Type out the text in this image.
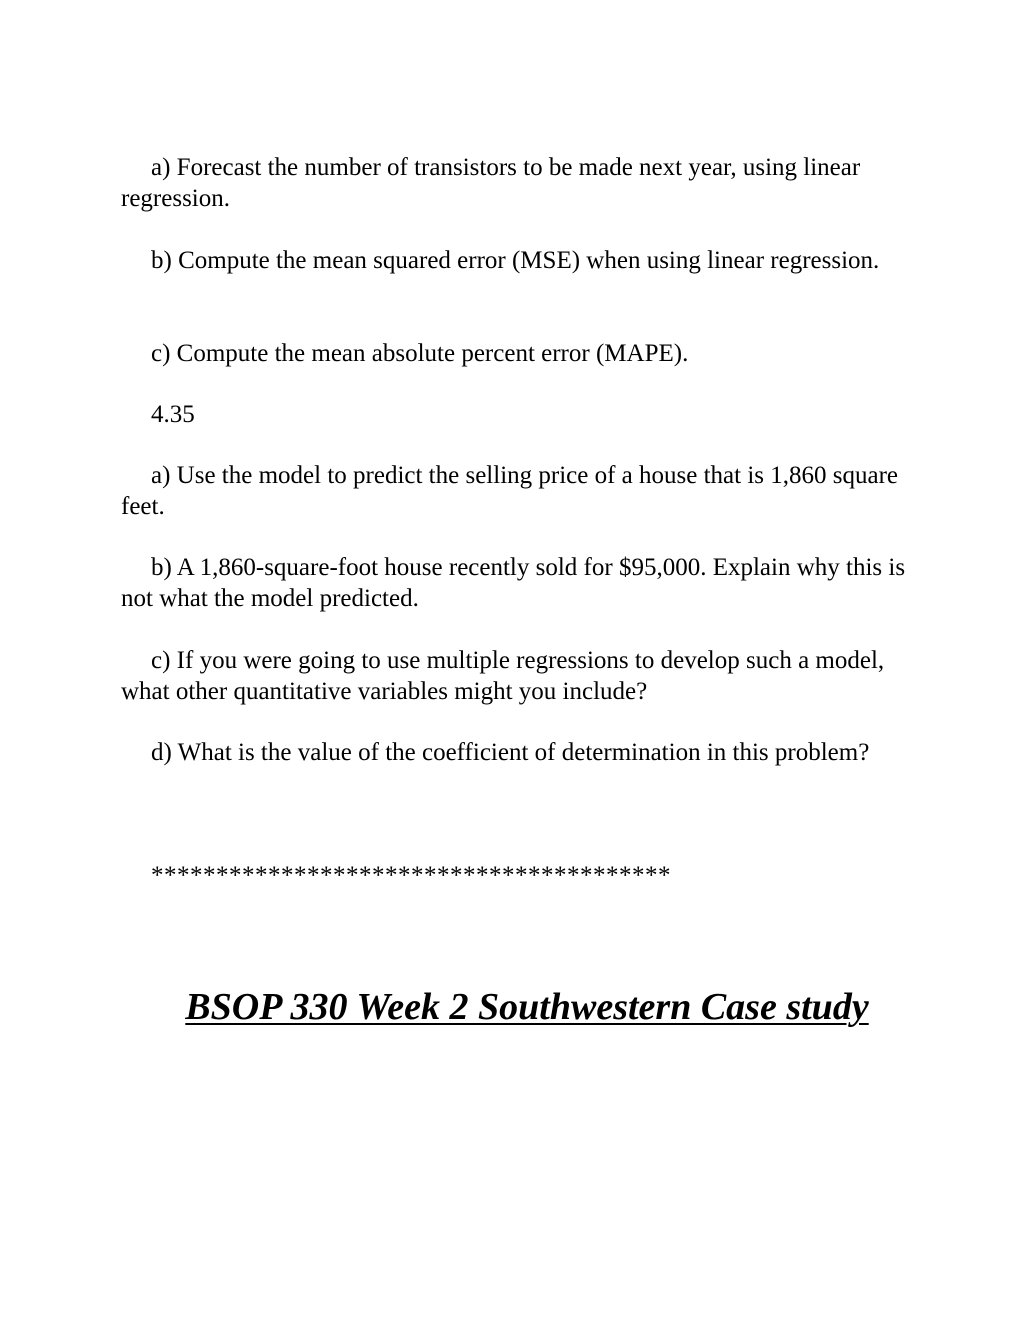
a) Forecast the number of transistors to be made next year, using linear regression.

b) Compute the mean squared error (MSE) when using linear regression.

c) Compute the mean absolute percent error (MAPE).

4.35

a) Use the model to predict the selling price of a house that is 1,860 square feet.

b) A 1,860-square-foot house recently sold for $95,000. Explain why this is not what the model predicted.

c) If you were going to use multiple regressions to develop such a model, what other quantitative variables might you include?

d) What is the value of the coefficient of determination in this problem?

****************************************

BSOP 330 Week 2 Southwestern Case study
